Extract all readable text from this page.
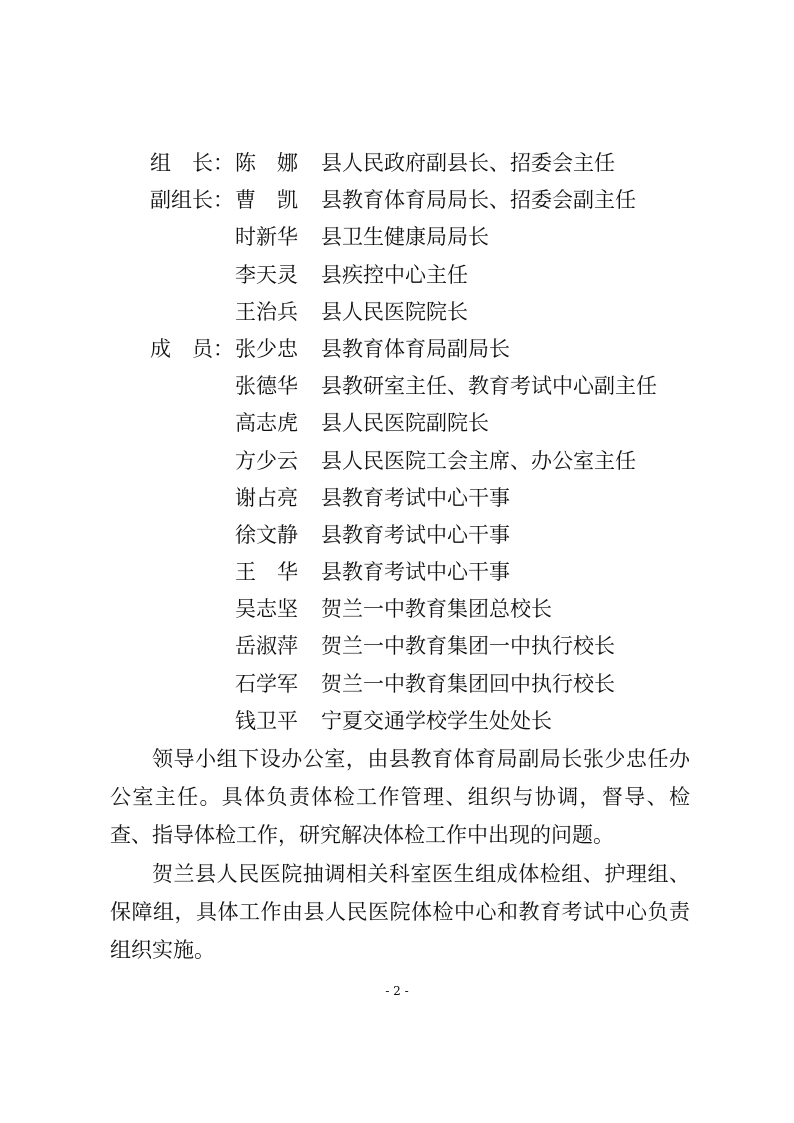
组　长： 陈　娜	县人民政府副县长、招委会主任
副组长： 曹　凯	县教育体育局局长、招委会副主任
时新华	县卫生健康局局长
李天灵	县疾控中心主任
王治兵	县人民医院院长
成　员： 张少忠	县教育体育局副局长
张德华	县教研室主任、教育考试中心副主任
高志虎	县人民医院副院长
方少云	县人民医院工会主席、办公室主任
谢占亮	县教育考试中心干事
徐文静	县教育考试中心干事
王　华	县教育考试中心干事
吴志坚	贺兰一中教育集团总校长
岳淑萍	贺兰一中教育集团一中执行校长
石学军	贺兰一中教育集团回中执行校长
钱卫平	宁夏交通学校学生处处长

领导小组下设办公室，由县教育体育局副局长张少忠任办公室主任。具体负责体检工作管理、组织与协调，督导、检查、指导体检工作，研究解决体检工作中出现的问题。

贺兰县人民医院抽调相关科室医生组成体检组、护理组、保障组，具体工作由县人民医院体检中心和教育考试中心负责组织实施。

- 2 -
